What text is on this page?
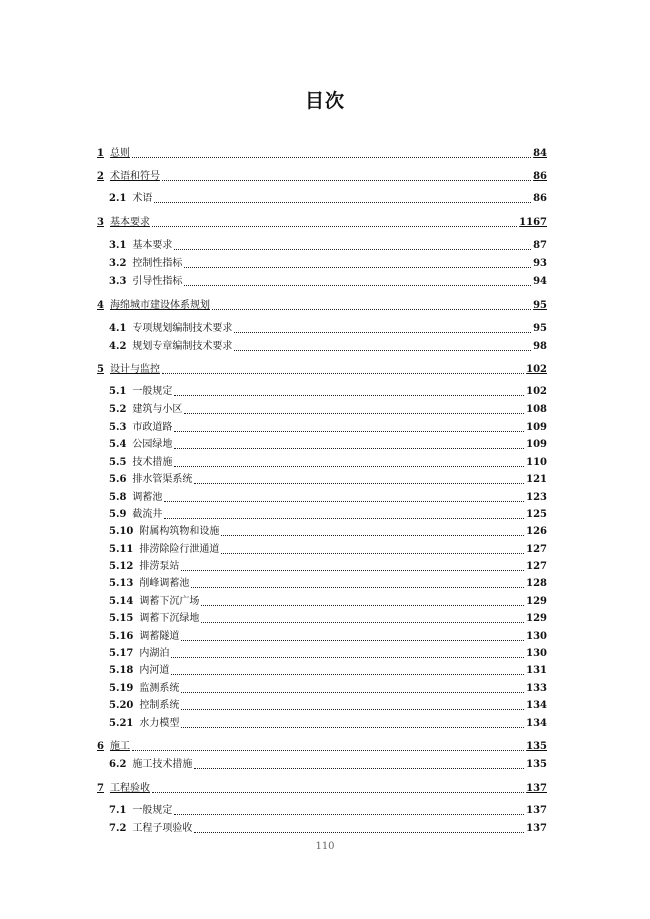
目次
1 总则	84
2 术语和符号	86
2.1 术语	86
3 基本要求	1167
3.1 基本要求	87
3.2 控制性指标	93
3.3 引导性指标	94
4 海绵城市建设体系规划	95
4.1 专项规划编制技术要求	95
4.2 规划专章编制技术要求	98
5 设计与监控	102
5.1 一般规定	102
5.2 建筑与小区	108
5.3 市政道路	109
5.4 公园绿地	109
5.5 技术措施	110
5.6 排水管渠系统	121
5.8 调蓄池	123
5.9 截流井	125
5.10 附属构筑物和设施	126
5.11 排涝除险行泄通道	127
5.12 排涝泵站	127
5.13 削峰调蓄池	128
5.14 调蓄下沉广场	129
5.15 调蓄下沉绿地	129
5.16 调蓄隧道	130
5.17 内湖泊	130
5.18 内河道	131
5.19 监测系统	133
5.20 控制系统	134
5.21 水力模型	134
6 施工	135
6.2 施工技术措施	135
7 工程验收	137
7.1 一般规定	137
7.2 工程子项验收	137
110
